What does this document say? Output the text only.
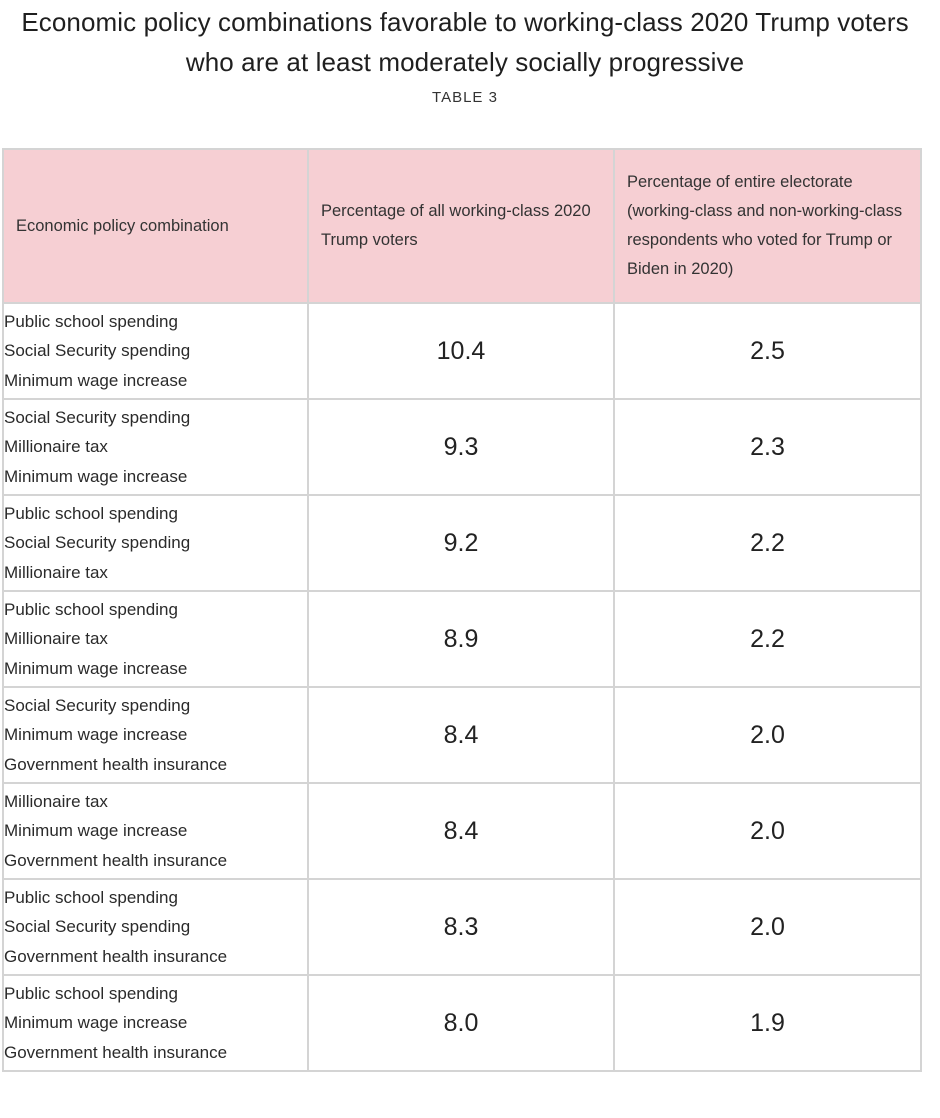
Economic policy combinations favorable to working-class 2020 Trump voters who are at least moderately socially progressive
TABLE 3
Economic policy combination	Percentage of all working-class 2020 Trump voters	Percentage of entire electorate (working-class and non-working-class respondents who voted for Trump or Biden in 2020)

Public school spending
Social Security spending
Minimum wage increase	10.4	2.5

Social Security spending
Millionaire tax
Minimum wage increase	9.3	2.3

Public school spending
Social Security spending
Millionaire tax	9.2	2.2

Public school spending
Millionaire tax
Minimum wage increase	8.9	2.2

Social Security spending
Minimum wage increase
Government health insurance	8.4	2.0

Millionaire tax
Minimum wage increase
Government health insurance	8.4	2.0

Public school spending
Social Security spending
Government health insurance	8.3	2.0

Public school spending
Minimum wage increase
Government health insurance	8.0	1.9
